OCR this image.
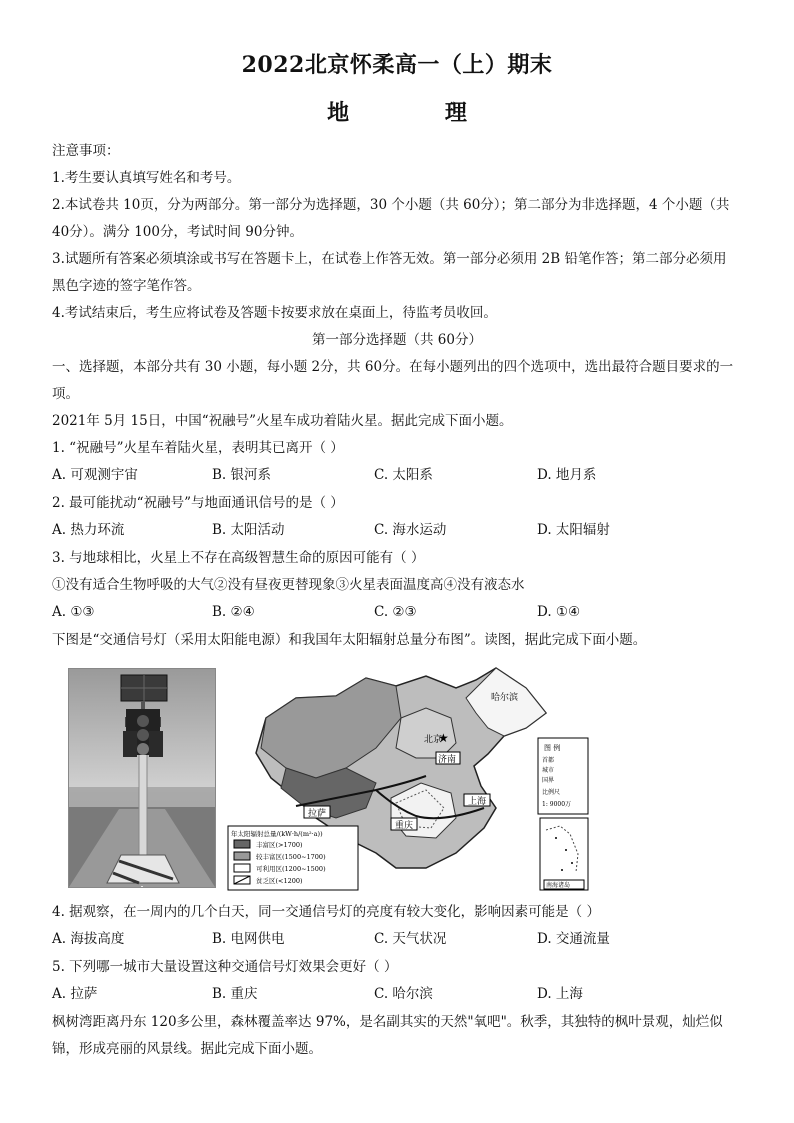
2022北京怀柔高一（上）期末
地 理
注意事项：
1.考生要认真填写姓名和考号。
2.本试卷共 10页，分为两部分。第一部分为选择题，30 个小题（共 60分）；第二部分为非选择题，4 个小题（共
40分）。满分 100分，考试时间 90分钟。
3.试题所有答案必须填涂或书写在答题卡上，在试卷上作答无效。第一部分必须用 2B 铅笔作答；第二部分必须用
黑色字迹的签字笔作答。
4.考试结束后，考生应将试卷及答题卡按要求放在桌面上，待监考员收回。
第一部分选择题（共 60分）
一、选择题，本部分共有 30 小题，每小题 2分，共 60分。在每小题列出的四个选项中，选出最符合题目要求的一
项。
2021年 5月 15日，中国“祝融号”火星车成功着陆火星。据此完成下面小题。
1. “祝融号”火星车着陆火星，表明其已离开（ ）
A. 可观测宇宙	B. 银河系	C. 太阳系	D. 地月系
2. 最可能扰动“祝融号”与地面通讯信号的是（ ）
A. 热力环流	B. 太阳活动	C. 海水运动	D. 太阳辐射
3. 与地球相比，火星上不存在高级智慧生命的原因可能有（ ）
①没有适合生物呼吸的大气②没有昼夜更替现象③火星表面温度高④没有液态水
A. ①③	B. ②④	C. ②③	D. ①④
下图是“交通信号灯（采用太阳能电源）和我国年太阳辐射总量分布图”。读图，据此完成下面小题。
哈尔滨
北京
★
济南
拉萨
重庆
上海
年太阳辐射总量/(kW·h/(m²·a))
丰富区(>1700)
较丰富区(1500~1700)
可利用区(1200~1500)
贫乏区(<1200)
图 例
首都
城市
国界
比例尺
1: 9000万
南海诸岛
4. 据观察，在一周内的几个白天，同一交通信号灯的亮度有较大变化，影响因素可能是（ ）
A. 海拔高度	B. 电网供电	C. 天气状况	D. 交通流量
5. 下列哪一城市大量设置这种交通信号灯效果会更好（ ）
A. 拉萨	B. 重庆	C. 哈尔滨	D. 上海
枫树湾距离丹东 120多公里，森林覆盖率达 97%，是名副其实的天然"氧吧"。秋季，其独特的枫叶景观，灿烂似
锦，形成亮丽的风景线。据此完成下面小题。
